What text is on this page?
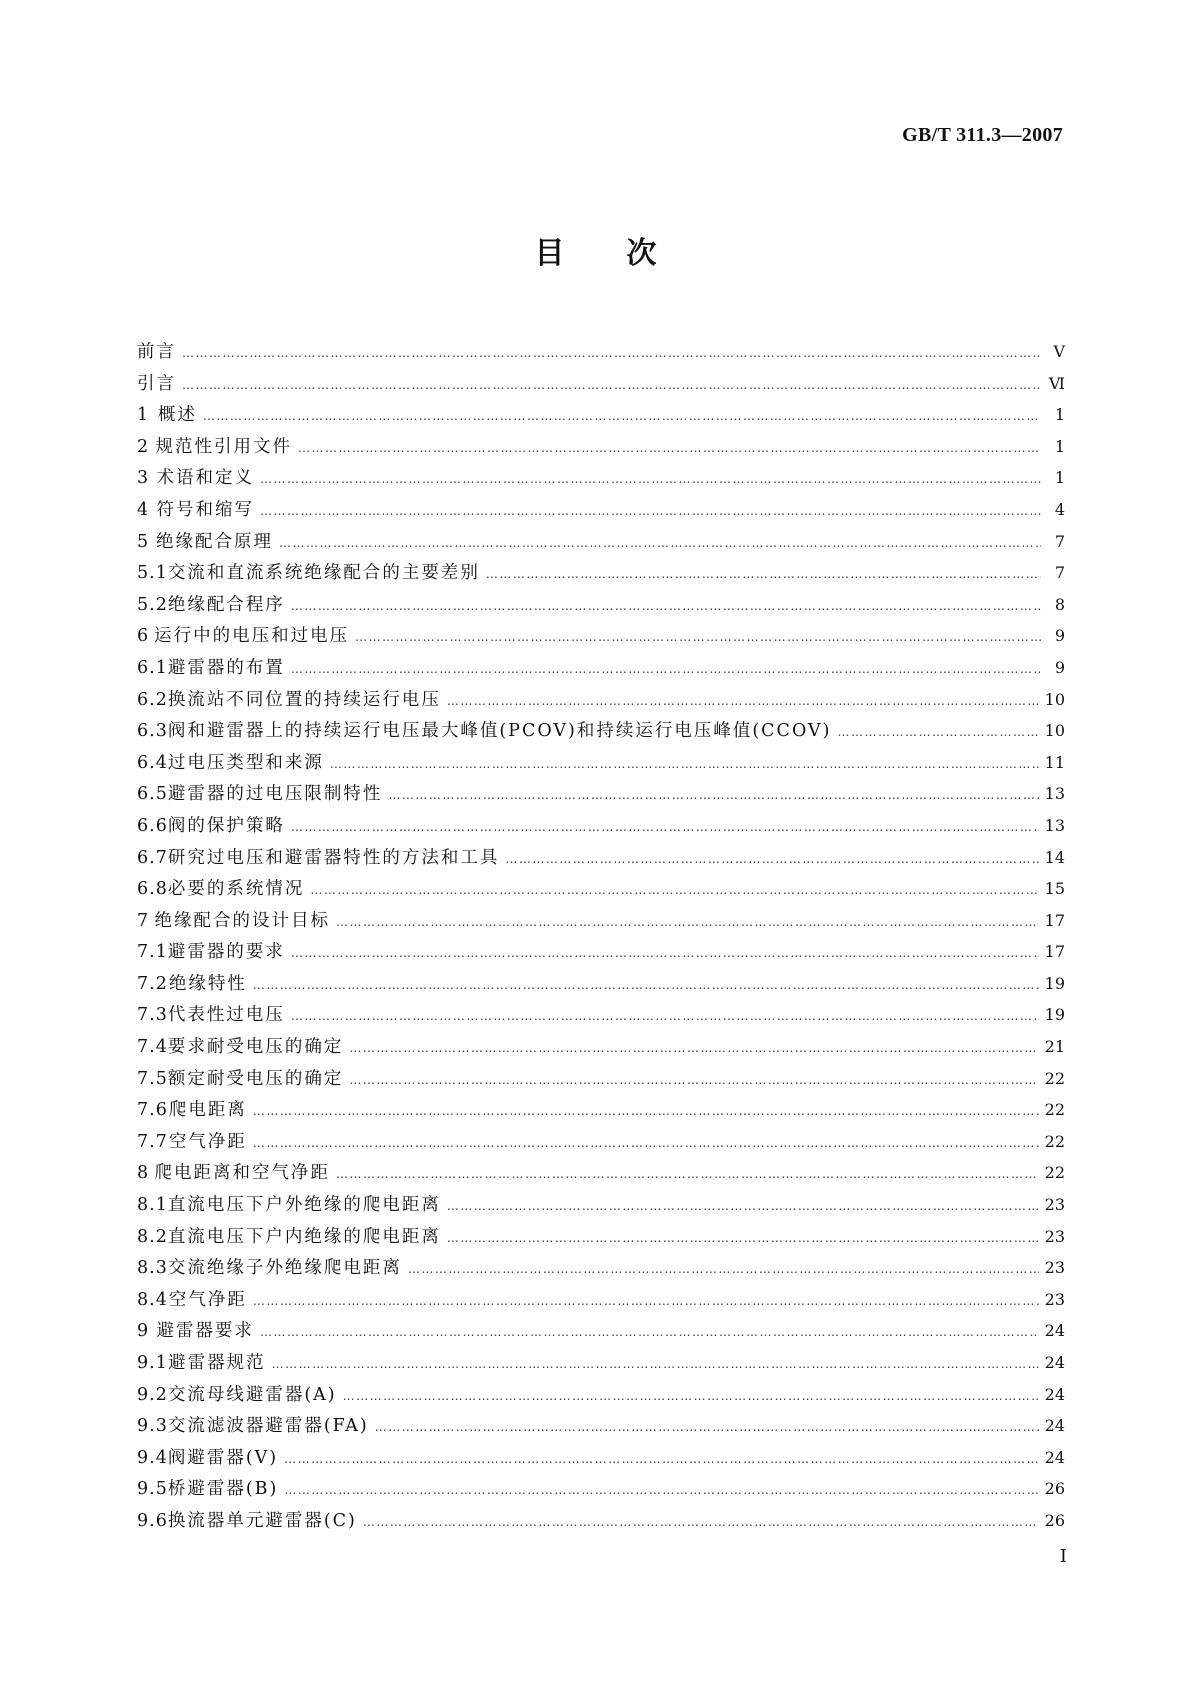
GB/T 311.3—2007
目 次
前言 ……………………………………………………………………………………………………………………………………………………………………………………………………………………………………………………………	Ⅴ
引言 ……………………………………………………………………………………………………………………………………………………………………………………………………………………………………………………………	Ⅵ
1 概述 ……………………………………………………………………………………………………………………………………………………………………………………………………………………………………………………………	1
2 规范性引用文件 ……………………………………………………………………………………………………………………………………………………………………………………………………………………………………………………………	1
3 术语和定义 ……………………………………………………………………………………………………………………………………………………………………………………………………………………………………………………………	1
4 符号和缩写 ……………………………………………………………………………………………………………………………………………………………………………………………………………………………………………………………	4
5 绝缘配合原理 ……………………………………………………………………………………………………………………………………………………………………………………………………………………………………………………………	7
5.1 交流和直流系统绝缘配合的主要差别 ……………………………………………………………………………………………………………………………………………………………………………………………………………………………………………………………	7
5.2 绝缘配合程序 ……………………………………………………………………………………………………………………………………………………………………………………………………………………………………………………………	8
6 运行中的电压和过电压 ……………………………………………………………………………………………………………………………………………………………………………………………………………………………………………………………	9
6.1 避雷器的布置 ……………………………………………………………………………………………………………………………………………………………………………………………………………………………………………………………	9
6.2 换流站不同位置的持续运行电压 ……………………………………………………………………………………………………………………………………………………………………………………………………………………………………………………………	10
6.3 阀和避雷器上的持续运行电压最大峰值(PCOV)和持续运行电压峰值(CCOV) ……………………………………………………………………………………………………………………………………………………………………………………………………………………………………………………………	10
6.4 过电压类型和来源 ……………………………………………………………………………………………………………………………………………………………………………………………………………………………………………………………	11
6.5 避雷器的过电压限制特性 ……………………………………………………………………………………………………………………………………………………………………………………………………………………………………………………………	13
6.6 阀的保护策略 ……………………………………………………………………………………………………………………………………………………………………………………………………………………………………………………………	13
6.7 研究过电压和避雷器特性的方法和工具 ……………………………………………………………………………………………………………………………………………………………………………………………………………………………………………………………	14
6.8 必要的系统情况 ……………………………………………………………………………………………………………………………………………………………………………………………………………………………………………………………	15
7 绝缘配合的设计目标 ……………………………………………………………………………………………………………………………………………………………………………………………………………………………………………………………	17
7.1 避雷器的要求 ……………………………………………………………………………………………………………………………………………………………………………………………………………………………………………………………	17
7.2 绝缘特性 ……………………………………………………………………………………………………………………………………………………………………………………………………………………………………………………………	19
7.3 代表性过电压 ……………………………………………………………………………………………………………………………………………………………………………………………………………………………………………………………	19
7.4 要求耐受电压的确定 ……………………………………………………………………………………………………………………………………………………………………………………………………………………………………………………………	21
7.5 额定耐受电压的确定 ……………………………………………………………………………………………………………………………………………………………………………………………………………………………………………………………	22
7.6 爬电距离 ……………………………………………………………………………………………………………………………………………………………………………………………………………………………………………………………	22
7.7 空气净距 ……………………………………………………………………………………………………………………………………………………………………………………………………………………………………………………………	22
8 爬电距离和空气净距 ……………………………………………………………………………………………………………………………………………………………………………………………………………………………………………………………	22
8.1 直流电压下户外绝缘的爬电距离 ……………………………………………………………………………………………………………………………………………………………………………………………………………………………………………………………	23
8.2 直流电压下户内绝缘的爬电距离 ……………………………………………………………………………………………………………………………………………………………………………………………………………………………………………………………	23
8.3 交流绝缘子外绝缘爬电距离 ……………………………………………………………………………………………………………………………………………………………………………………………………………………………………………………………	23
8.4 空气净距 ……………………………………………………………………………………………………………………………………………………………………………………………………………………………………………………………	23
9 避雷器要求 ……………………………………………………………………………………………………………………………………………………………………………………………………………………………………………………………	24
9.1 避雷器规范 ……………………………………………………………………………………………………………………………………………………………………………………………………………………………………………………………	24
9.2 交流母线避雷器(A) ……………………………………………………………………………………………………………………………………………………………………………………………………………………………………………………………	24
9.3 交流滤波器避雷器(FA) ……………………………………………………………………………………………………………………………………………………………………………………………………………………………………………………………	24
9.4 阀避雷器(V) ……………………………………………………………………………………………………………………………………………………………………………………………………………………………………………………………	24
9.5 桥避雷器(B) ……………………………………………………………………………………………………………………………………………………………………………………………………………………………………………………………	26
9.6 换流器单元避雷器(C) ……………………………………………………………………………………………………………………………………………………………………………………………………………………………………………………………	26
Ⅰ
